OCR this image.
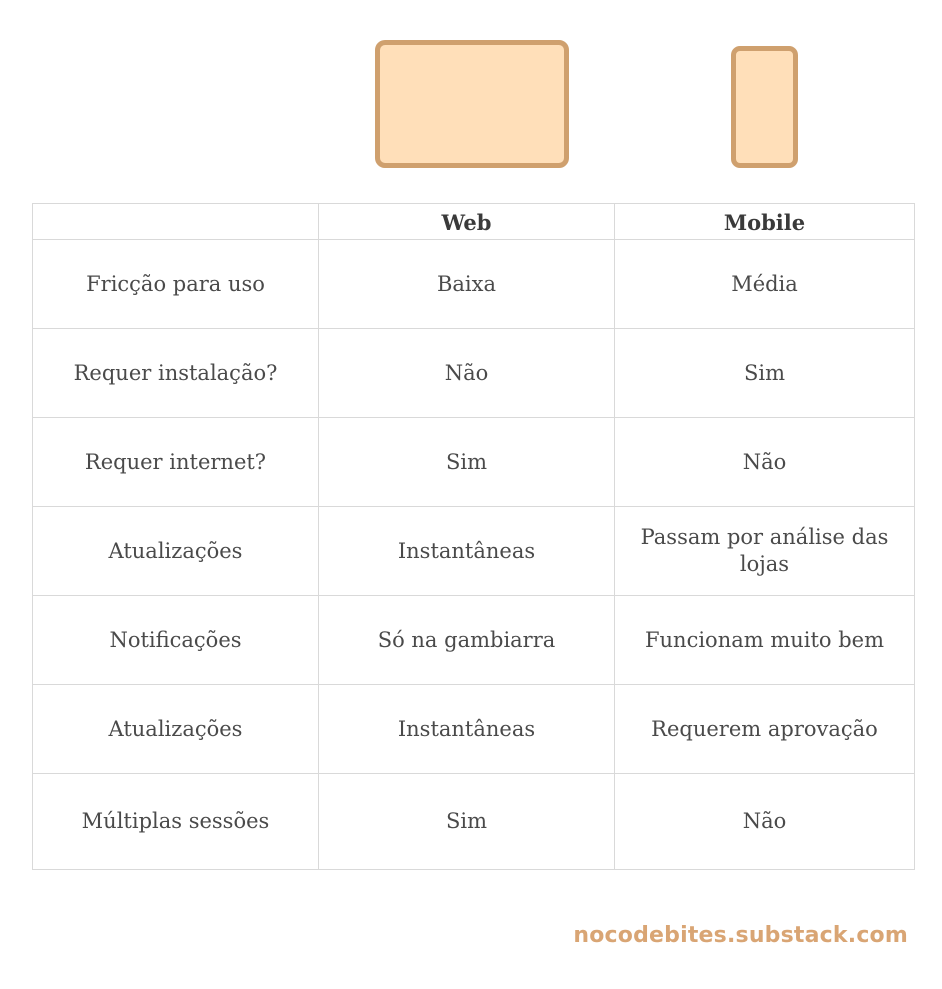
	Web	Mobile
Fricção para uso	Baixa	Média
Requer instalação?	Não	Sim
Requer internet?	Sim	Não
Atualizações	Instantâneas	Passam por análise das lojas
Notificações	Só na gambiarra	Funcionam muito bem
Atualizações	Instantâneas	Requerem aprovação
Múltiplas sessões	Sim	Não
nocodebites.substack.com
